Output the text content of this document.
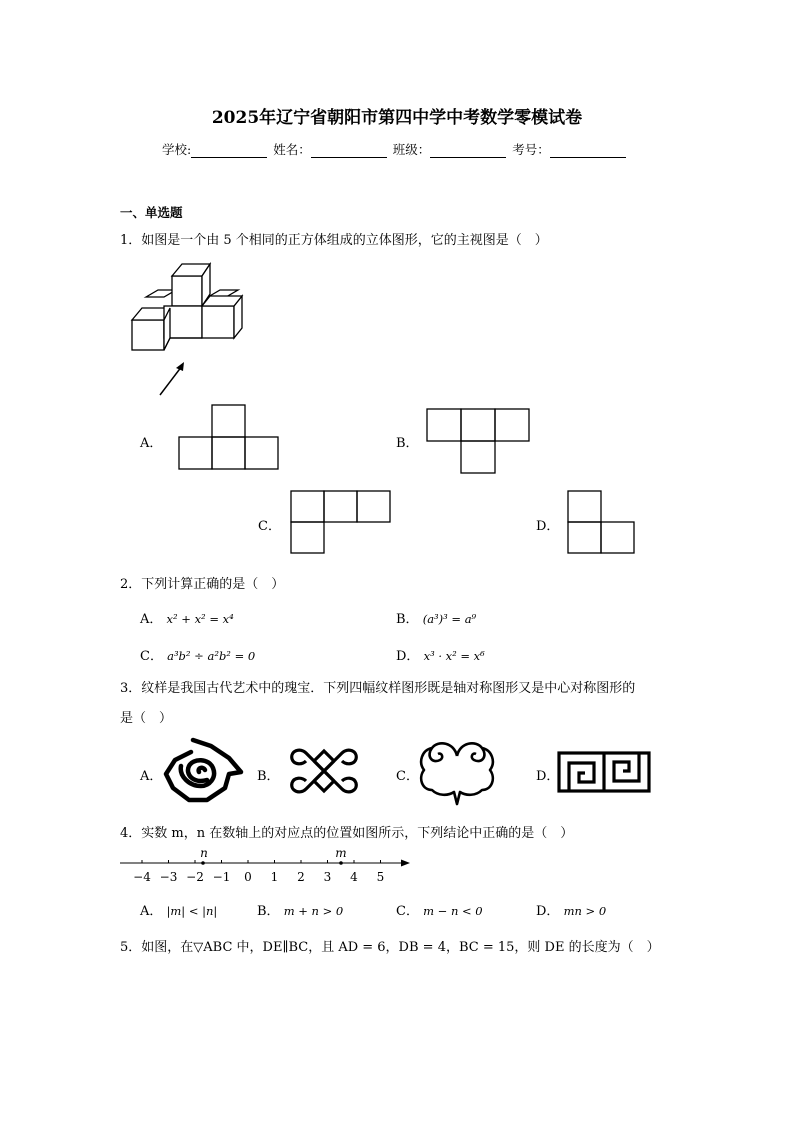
2025年辽宁省朝阳市第四中学中考数学零模试卷
学校:	姓名：	班级：	考号：
一、单选题
1．如图是一个由 5 个相同的正方体组成的立体图形，它的主视图是（　）
A．	B．
C．	D．
2．下列计算正确的是（　）
A． x² + x² = x⁴	B． (a³)³ = a⁹
C． a³b² ÷ a²b² = 0	D． x³ · x² = x⁶
3．纹样是我国古代艺术中的瑰宝．下列四幅纹样图形既是轴对称图形又是中心对称图形的
是（　）
A．	B．	C．	D．
4．实数 m，n 在数轴上的对应点的位置如图所示，下列结论中正确的是（　）
n	m
−4 −3 −2 −1 0 1 2 3 4 5
A． |m| < |n|	B． m + n > 0	C． m − n < 0	D． mn > 0
5．如图，在▽ABC 中，DE∥BC，且 AD = 6，DB = 4，BC = 15，则 DE 的长度为（　）
